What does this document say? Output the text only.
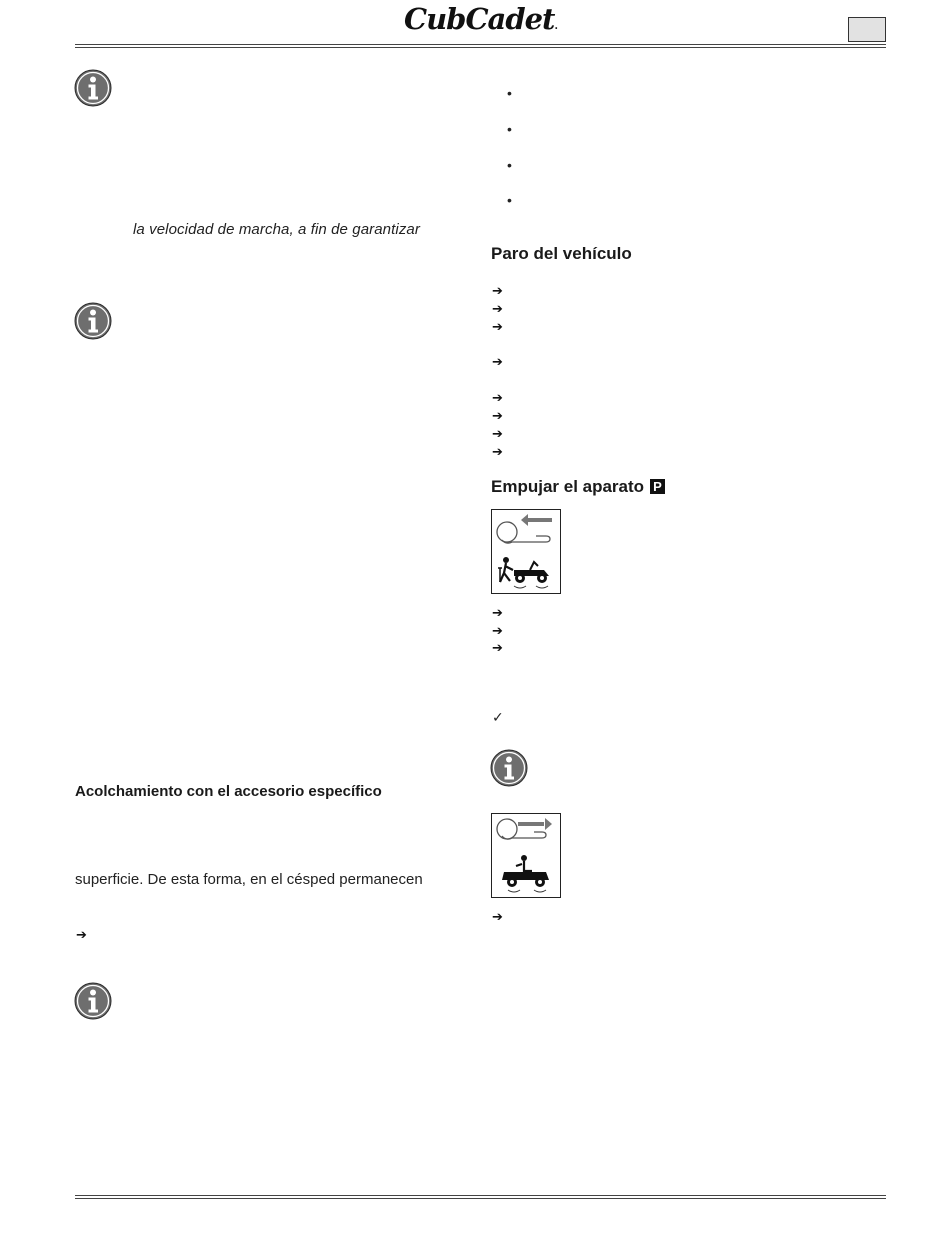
CubCadet.
la velocidad de marcha, a fin de garantizar
Acolchamiento con el accesorio específico
superficie. De esta forma, en el césped permanecen
➔
•
•
•
•
Paro del vehículo
➔
➔
➔
➔
➔
➔
➔
➔
Empujar el aparato P
➔
➔
➔
✓
➔
